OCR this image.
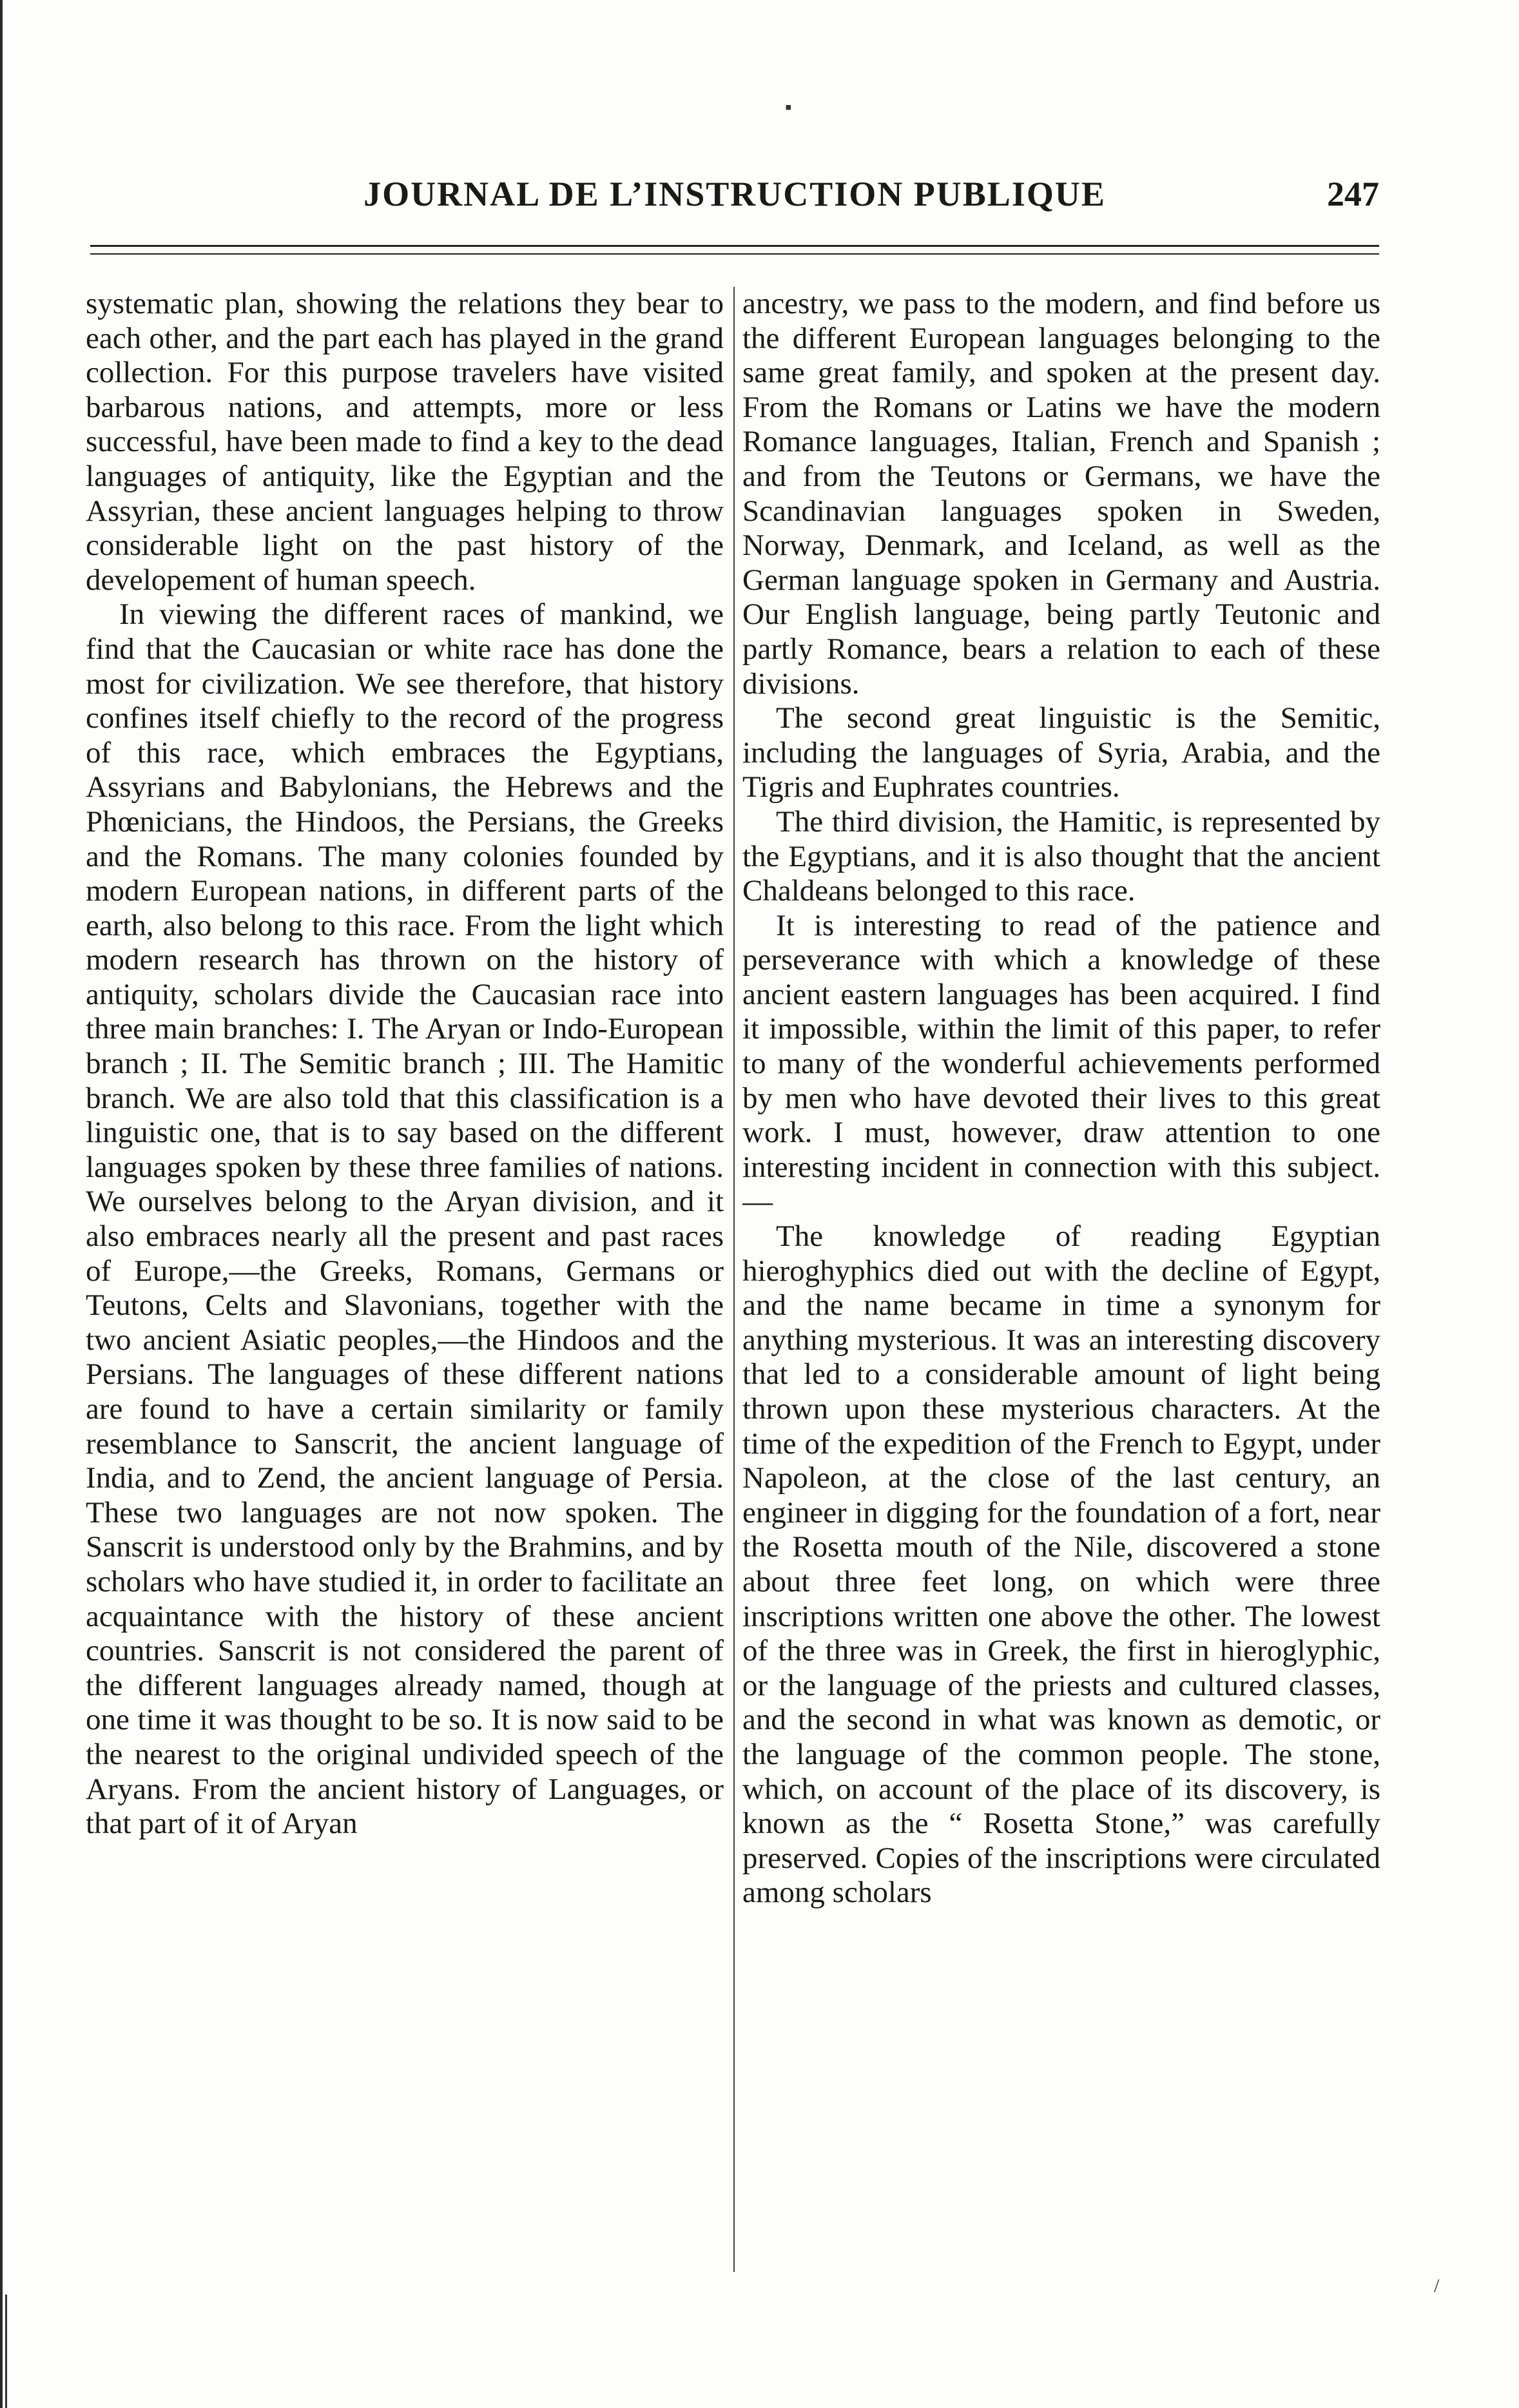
▪
/
JOURNAL DE L’INSTRUCTION PUBLIQUE	247

systematic plan, showing the relations they bear to each other, and the part each has played in the grand collection. For this purpose travelers have visited barbarous nations, and attempts, more or less successful, have been made to find a key to the dead languages of antiquity, like the Egyptian and the Assyrian, these ancient languages helping to throw considerable light on the past history of the developement of human speech.

In viewing the different races of mankind, we find that the Caucasian or white race has done the most for civilization. We see therefore, that history confines itself chiefly to the record of the progress of this race, which embraces the Egyptians, Assyrians and Babylonians, the Hebrews and the Phœnicians, the Hindoos, the Persians, the Greeks and the Romans. The many colonies founded by modern European nations, in different parts of the earth, also belong to this race. From the light which modern research has thrown on the history of antiquity, scholars divide the Caucasian race into three main branches: I. The Aryan or Indo-European branch ; II. The Semitic branch ; III. The Hamitic branch. We are also told that this classification is a linguistic one, that is to say based on the different languages spoken by these three families of nations. We ourselves belong to the Aryan division, and it also embraces nearly all the present and past races of Europe,—the Greeks, Romans, Germans or Teutons, Celts and Slavonians, together with the two ancient Asiatic peoples,—the Hindoos and the Persians. The languages of these different nations are found to have a certain similarity or family resemblance to Sanscrit, the ancient language of India, and to Zend, the ancient language of Persia. These two languages are not now spoken. The Sanscrit is understood only by the Brahmins, and by scholars who have studied it, in order to facilitate an acquaintance with the history of these ancient countries. Sanscrit is not considered the parent of the different languages already named, though at one time it was thought to be so. It is now said to be the nearest to the original undivided speech of the Aryans. From the ancient history of Languages, or that part of it of Aryan

ancestry, we pass to the modern, and find before us the different European languages belonging to the same great family, and spoken at the present day. From the Romans or Latins we have the modern Romance languages, Italian, French and Spanish ; and from the Teutons or Germans, we have the Scandinavian languages spoken in Sweden, Norway, Denmark, and Iceland, as well as the German language spoken in Germany and Austria. Our English language, being partly Teutonic and partly Romance, bears a relation to each of these divisions.

The second great linguistic is the Semitic, including the languages of Syria, Arabia, and the Tigris and Euphrates countries.

The third division, the Hamitic, is represented by the Egyptians, and it is also thought that the ancient Chaldeans belonged to this race.

It is interesting to read of the patience and perseverance with which a knowledge of these ancient eastern languages has been acquired. I find it impossible, within the limit of this paper, to refer to many of the wonderful achievements performed by men who have devoted their lives to this great work. I must, however, draw attention to one interesting incident in connection with this subject.—

The knowledge of reading Egyptian hieroghyphics died out with the decline of Egypt, and the name became in time a synonym for anything mysterious. It was an interesting discovery that led to a considerable amount of light being thrown upon these mysterious characters. At the time of the expedition of the French to Egypt, under Napoleon, at the close of the last century, an engineer in digging for the foundation of a fort, near the Rosetta mouth of the Nile, discovered a stone about three feet long, on which were three inscriptions written one above the other. The lowest of the three was in Greek, the first in hieroglyphic, or the language of the priests and cultured classes, and the second in what was known as demotic, or the language of the common people. The stone, which, on account of the place of its discovery, is known as the “ Rosetta Stone,” was carefully preserved. Copies of the inscriptions were circulated among scholars
